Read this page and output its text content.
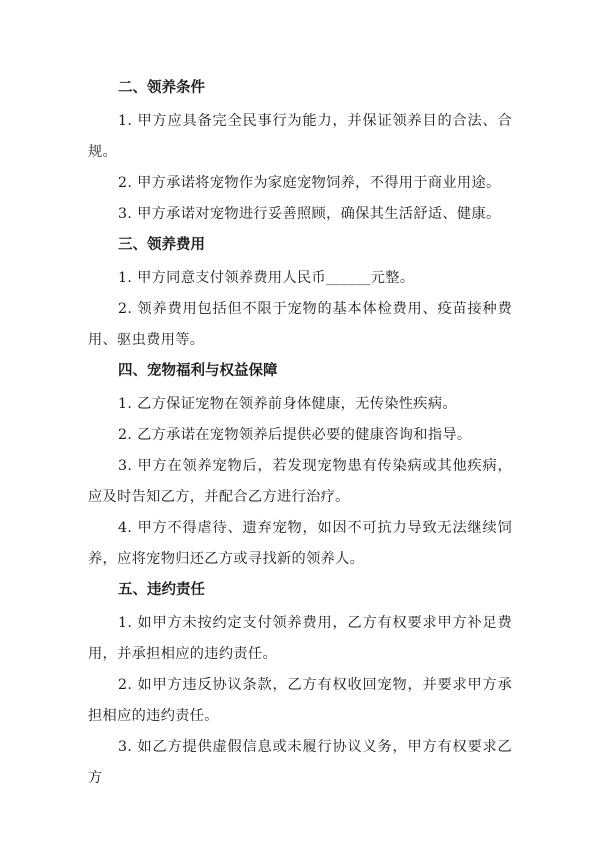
二、领养条件
1. 甲方应具备完全民事行为能力，并保证领养目的合法、合规。
2. 甲方承诺将宠物作为家庭宠物饲养，不得用于商业用途。
3. 甲方承诺对宠物进行妥善照顾，确保其生活舒适、健康。
三、领养费用
1. 甲方同意支付领养费用人民币______元整。
2. 领养费用包括但不限于宠物的基本体检费用、疫苗接种费用、驱虫费用等。
四、宠物福利与权益保障
1. 乙方保证宠物在领养前身体健康，无传染性疾病。
2. 乙方承诺在宠物领养后提供必要的健康咨询和指导。
3. 甲方在领养宠物后，若发现宠物患有传染病或其他疾病，应及时告知乙方，并配合乙方进行治疗。
4. 甲方不得虐待、遗弃宠物，如因不可抗力导致无法继续饲养，应将宠物归还乙方或寻找新的领养人。
五、违约责任
1. 如甲方未按约定支付领养费用，乙方有权要求甲方补足费用，并承担相应的违约责任。
2. 如甲方违反协议条款，乙方有权收回宠物，并要求甲方承担相应的违约责任。
3. 如乙方提供虚假信息或未履行协议义务，甲方有权要求乙方
